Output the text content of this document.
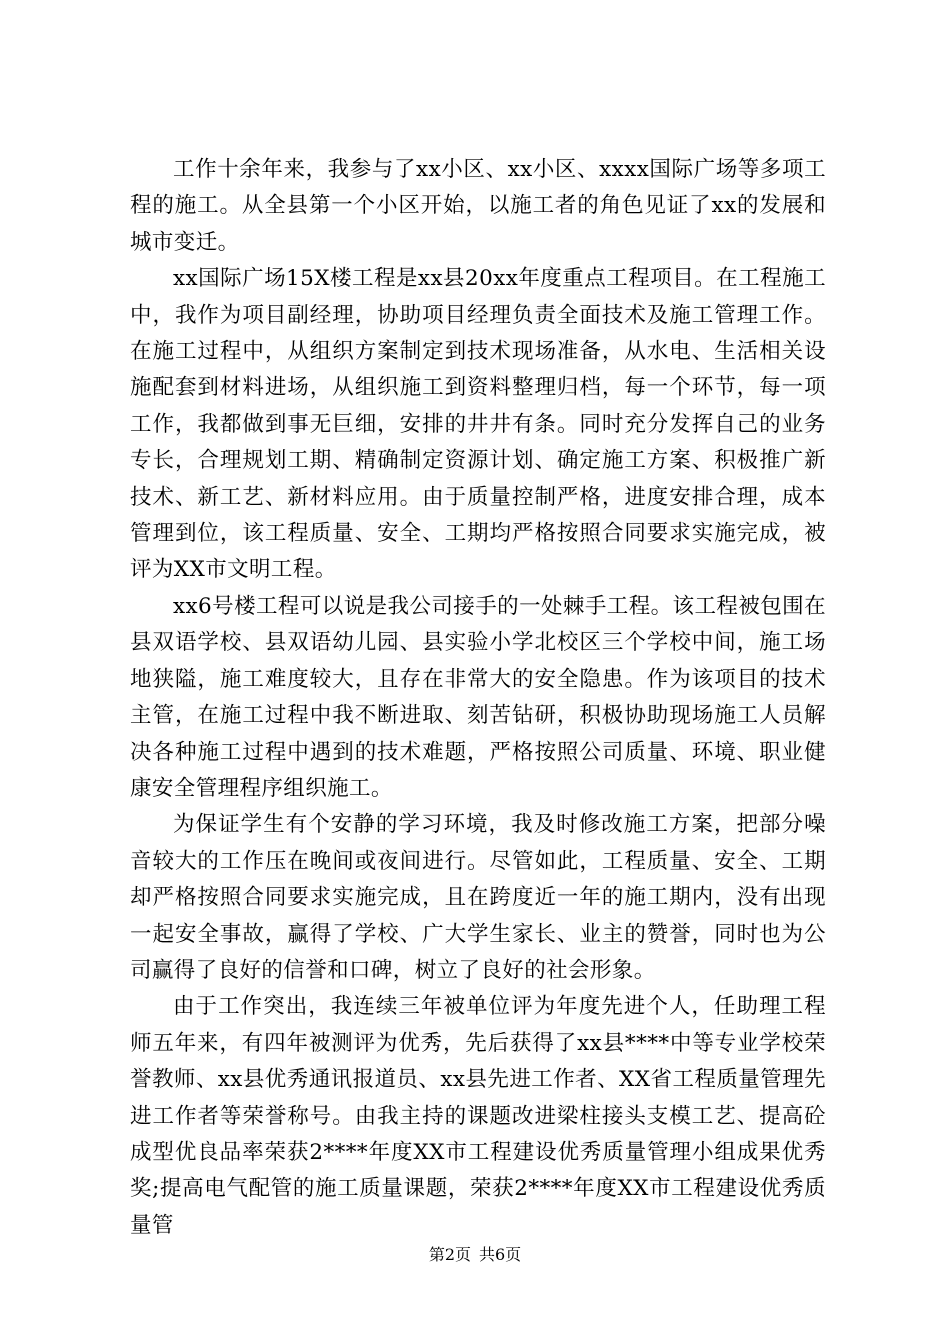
工作十余年来，我参与了xx小区、xx小区、xxxx国际广场等多项工程的施工。从全县第一个小区开始，以施工者的角色见证了xx的发展和城市变迁。

xx国际广场15X楼工程是xx县20xx年度重点工程项目。在工程施工中，我作为项目副经理，协助项目经理负责全面技术及施工管理工作。在施工过程中，从组织方案制定到技术现场准备，从水电、生活相关设施配套到材料进场，从组织施工到资料整理归档，每一个环节，每一项工作，我都做到事无巨细，安排的井井有条。同时充分发挥自己的业务专长，合理规划工期、精确制定资源计划、确定施工方案、积极推广新技术、新工艺、新材料应用。由于质量控制严格，进度安排合理，成本管理到位，该工程质量、安全、工期均严格按照合同要求实施完成，被评为XX市文明工程。

xx6号楼工程可以说是我公司接手的一处棘手工程。该工程被包围在县双语学校、县双语幼儿园、县实验小学北校区三个学校中间，施工场地狭隘，施工难度较大，且存在非常大的安全隐患。作为该项目的技术主管，在施工过程中我不断进取、刻苦钻研，积极协助现场施工人员解决各种施工过程中遇到的技术难题，严格按照公司质量、环境、职业健康安全管理程序组织施工。

为保证学生有个安静的学习环境，我及时修改施工方案，把部分噪音较大的工作压在晚间或夜间进行。尽管如此，工程质量、安全、工期却严格按照合同要求实施完成，且在跨度近一年的施工期内，没有出现一起安全事故，赢得了学校、广大学生家长、业主的赞誉，同时也为公司赢得了良好的信誉和口碑，树立了良好的社会形象。

由于工作突出，我连续三年被单位评为年度先进个人，任助理工程师五年来，有四年被测评为优秀，先后获得了xx县****中等专业学校荣誉教师、xx县优秀通讯报道员、xx县先进工作者、XX省工程质量管理先进工作者等荣誉称号。由我主持的课题改进梁柱接头支模工艺、提高砼成型优良品率荣获2****年度XX市工程建设优秀质量管理小组成果优秀奖;提高电气配管的施工质量课题，荣获2****年度XX市工程建设优秀质量管

第2页 共6页
